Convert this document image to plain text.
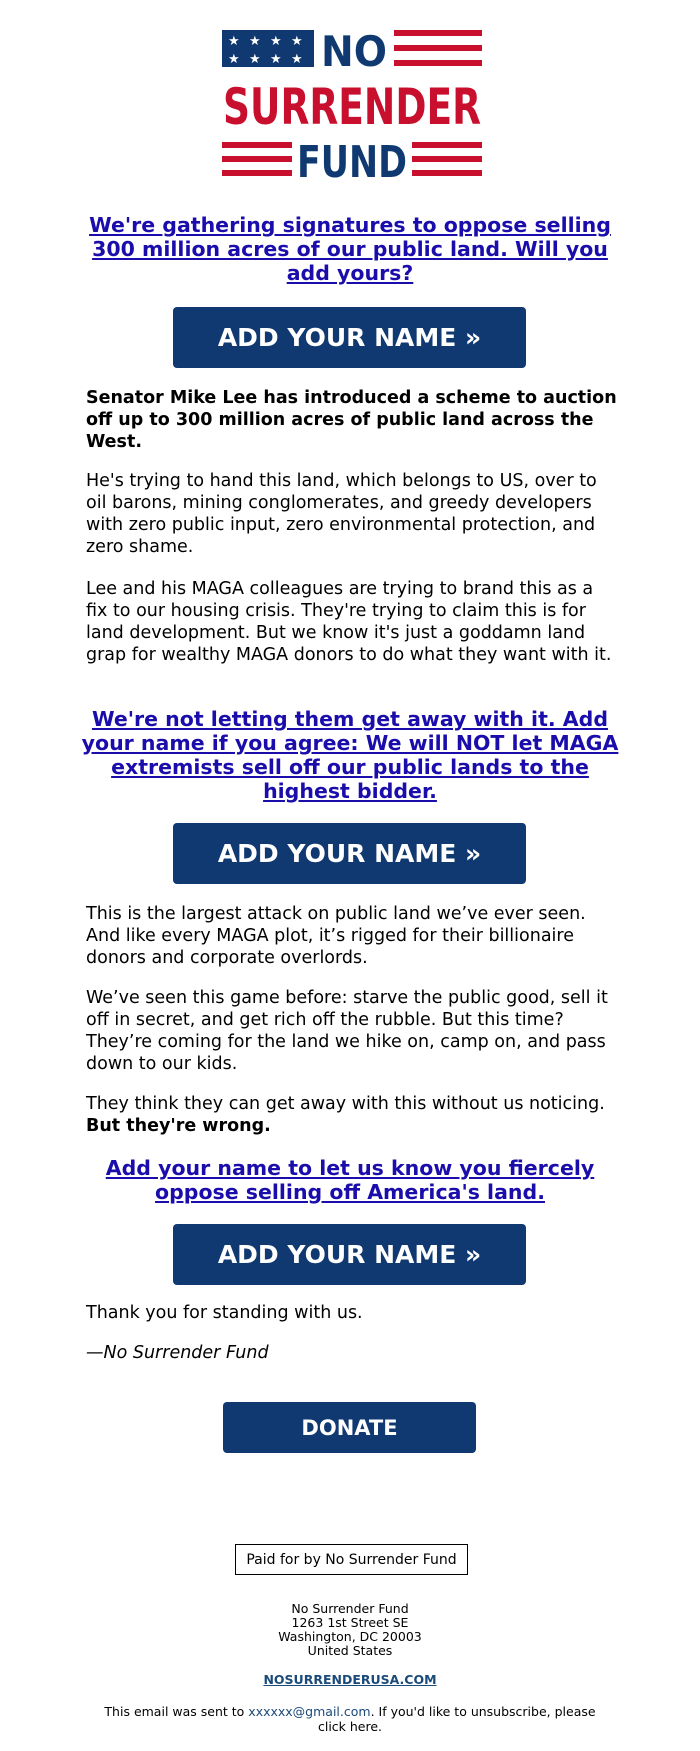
★ ★ ★ ★
★ ★ ★ ★ NO
SURRENDER
FUND
We're gathering signatures to oppose selling 300 million acres of our public land. Will you add yours?
ADD YOUR NAME »
Senator Mike Lee has introduced a scheme to auction off up to 300 million acres of public land across the West.
He's trying to hand this land, which belongs to US, over to oil barons, mining conglomerates, and greedy developers with zero public input, zero environmental protection, and zero shame.
Lee and his MAGA colleagues are trying to brand this as a fix to our housing crisis. They're trying to claim this is for land development. But we know it's just a goddamn land grap for wealthy MAGA donors to do what they want with it.
We're not letting them get away with it. Add your name if you agree: We will NOT let MAGA extremists sell off our public lands to the highest bidder.
ADD YOUR NAME »
This is the largest attack on public land we’ve ever seen. And like every MAGA plot, it’s rigged for their billionaire donors and corporate overlords.
We’ve seen this game before: starve the public good, sell it off in secret, and get rich off the rubble. But this time? They’re coming for the land we hike on, camp on, and pass down to our kids.
They think they can get away with this without us noticing. But they're wrong.
Add your name to let us know you fiercely oppose selling off America's land.
ADD YOUR NAME »
Thank you for standing with us.
—No Surrender Fund
DONATE
Paid for by No Surrender Fund
No Surrender Fund
1263 1st Street SE
Washington, DC 20003
United States
NOSURRENDERUSA.COM
This email was sent to xxxxxx@gmail.com. If you'd like to unsubscribe, please click here.
